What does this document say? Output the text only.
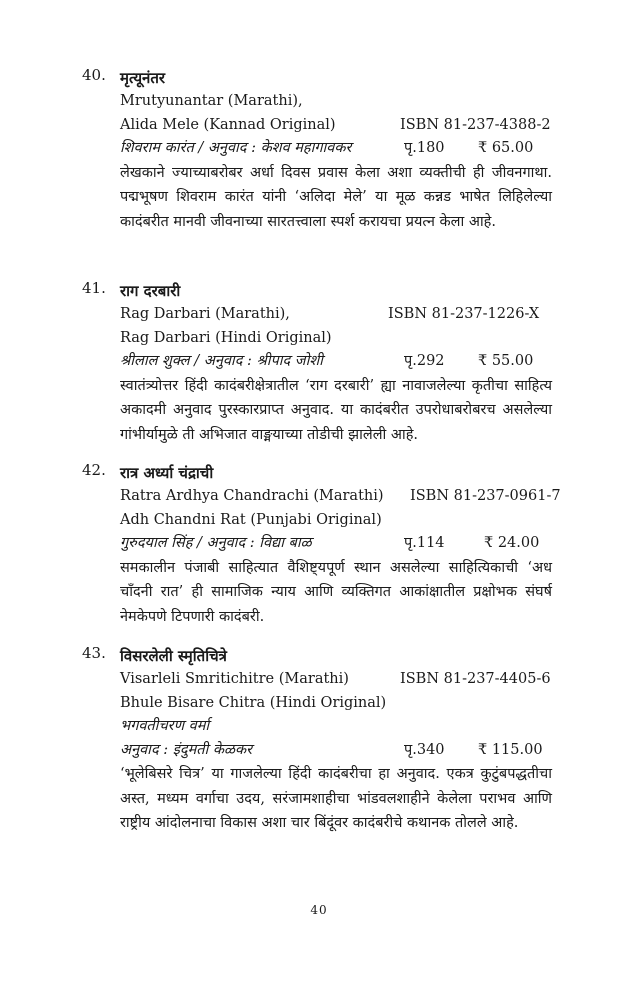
40. मृत्यूनंतर
Mrutyunantar (Marathi),
Alida Mele (Kannad Original)	ISBN 81-237-4388-2
शिवराम कारंत / अनुवाद : केशव महागावकर	पृ.180 ₹ 65.00
लेखकाने ज्याच्याबरोबर अर्धा दिवस प्रवास केला अशा व्यक्तीची ही जीवनगाथा. पद्मभूषण शिवराम कारंत यांनी ‘अलिदा मेले’ या मूळ कन्नड भाषेत लिहिलेल्या कादंबरीत मानवी जीवनाच्या सारतत्त्वाला स्पर्श करायचा प्रयत्न केला आहे.
41. राग दरबारी
Rag Darbari (Marathi),	ISBN 81-237-1226-X
Rag Darbari (Hindi Original)
श्रीलाल शुक्ल / अनुवाद : श्रीपाद जोशी	पृ.292 ₹ 55.00
स्वातंत्र्योत्तर हिंदी कादंबरीक्षेत्रातील ‘राग दरबारी’ ह्या नावाजलेल्या कृतीचा साहित्य अकादमी अनुवाद पुरस्कारप्राप्त अनुवाद. या कादंबरीत उपरोधाबरोबरच असलेल्या गांभीर्यामुळे ती अभिजात वाङ्मयाच्या तोडीची झालेली आहे.
42. रात्र अर्ध्या चंद्राची
Ratra Ardhya Chandrachi (Marathi) ISBN 81-237-0961-7
Adh Chandni Rat (Punjabi Original)
गुरुदयाल सिंह / अनुवाद : विद्या बाळ	पृ.114	₹ 24.00
समकालीन पंजाबी साहित्यात वैशिष्ट्यपूर्ण स्थान असलेल्या साहित्यिकाची ‘अध चाँदनी रात’ ही सामाजिक न्याय आणि व्यक्तिगत आकांक्षातील प्रक्षोभक संघर्ष नेमकेपणे टिपणारी कादंबरी.
43. विसरलेली स्मृतिचित्रे
Visarleli Smritichitre (Marathi)	ISBN 81-237-4405-6
Bhule Bisare Chitra (Hindi Original)
भगवतीचरण वर्मा
अनुवाद : इंदुमती केळकर	पृ.340 ₹ 115.00
‘भूलेबिसरे चित्र’ या गाजलेल्या हिंदी कादंबरीचा हा अनुवाद. एकत्र कुटुंबपद्धतीचा अस्त, मध्यम वर्गाचा उदय, सरंजामशाहीचा भांडवलशाहीने केलेला पराभव आणि राष्ट्रीय आंदोलनाचा विकास अशा चार बिंदूंवर कादंबरीचे कथानक तोलले आहे.
40
